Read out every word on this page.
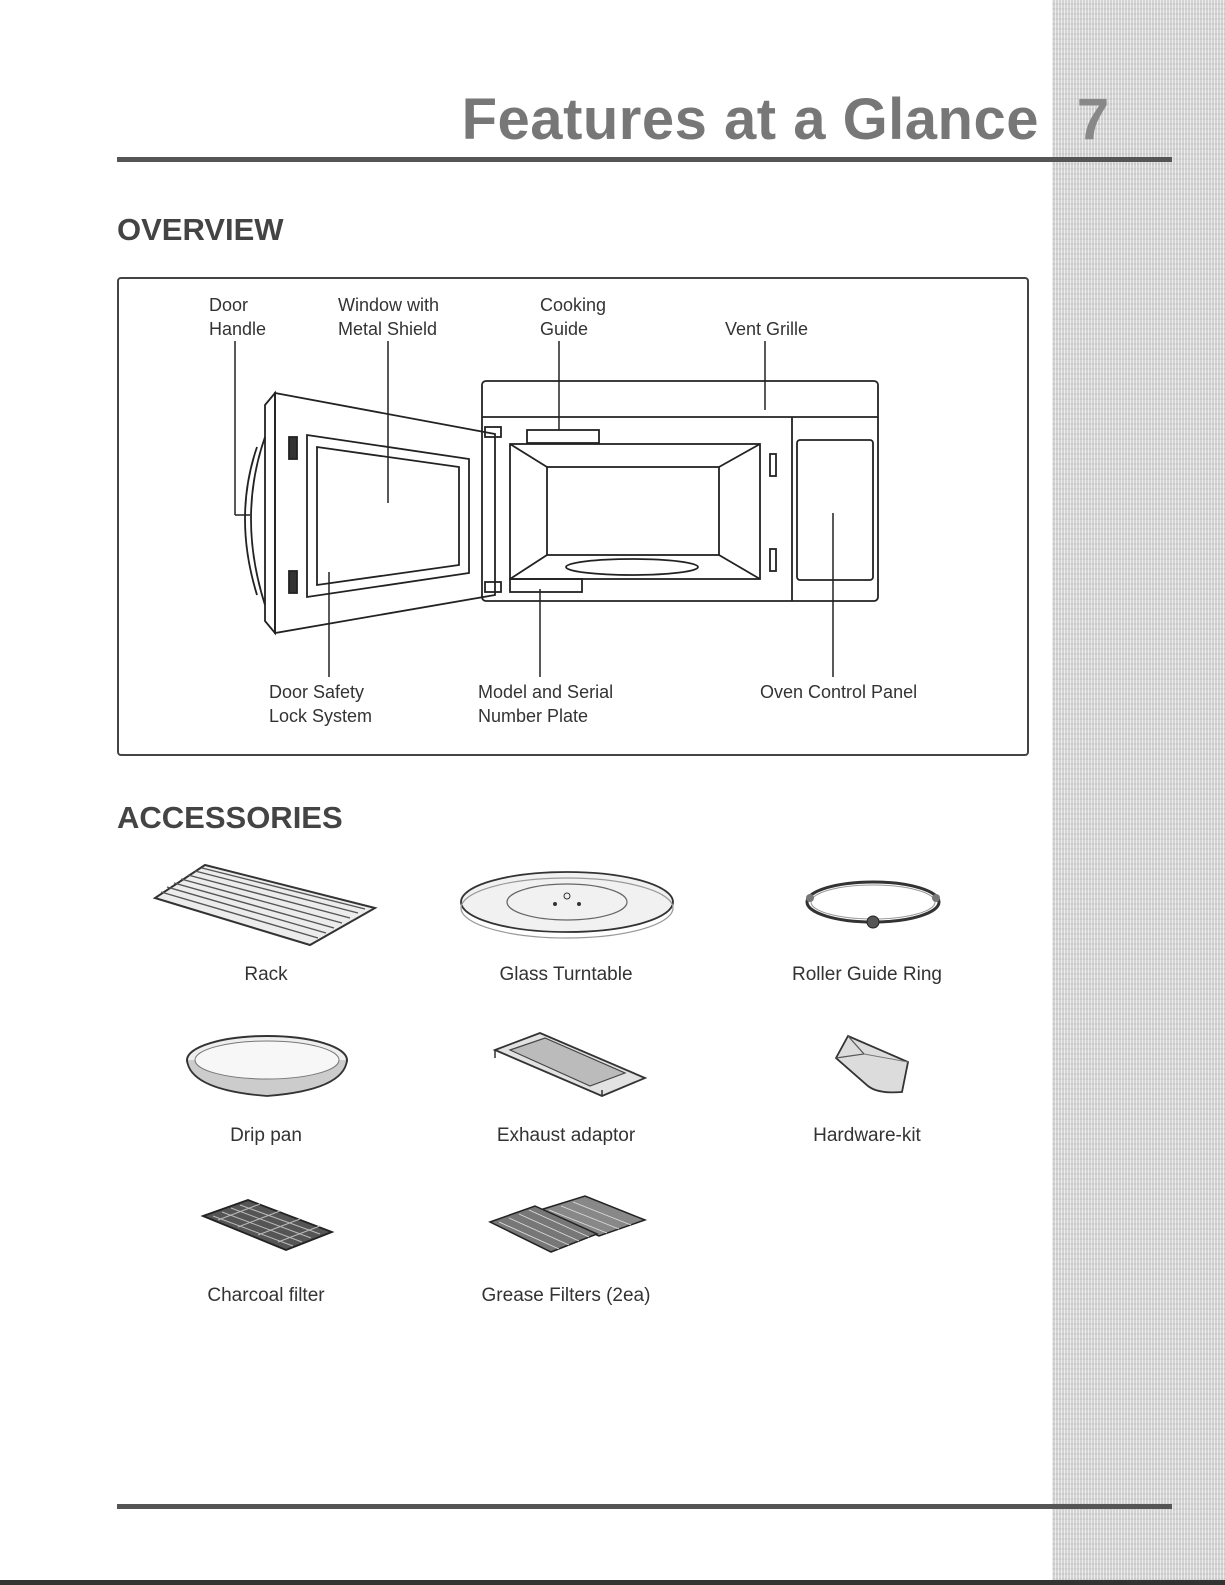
Features at a Glance 7
OVERVIEW
Door
Handle
Window with
Metal Shield
Cooking
Guide	Vent Grille
Door Safety
Lock System
Model and Serial
Number Plate
Oven Control Panel
ACCESSORIES
Rack	Glass Turntable	Roller Guide Ring
Drip pan	Exhaust adaptor	Hardware-kit
Charcoal filter	Grease Filters (2ea)
